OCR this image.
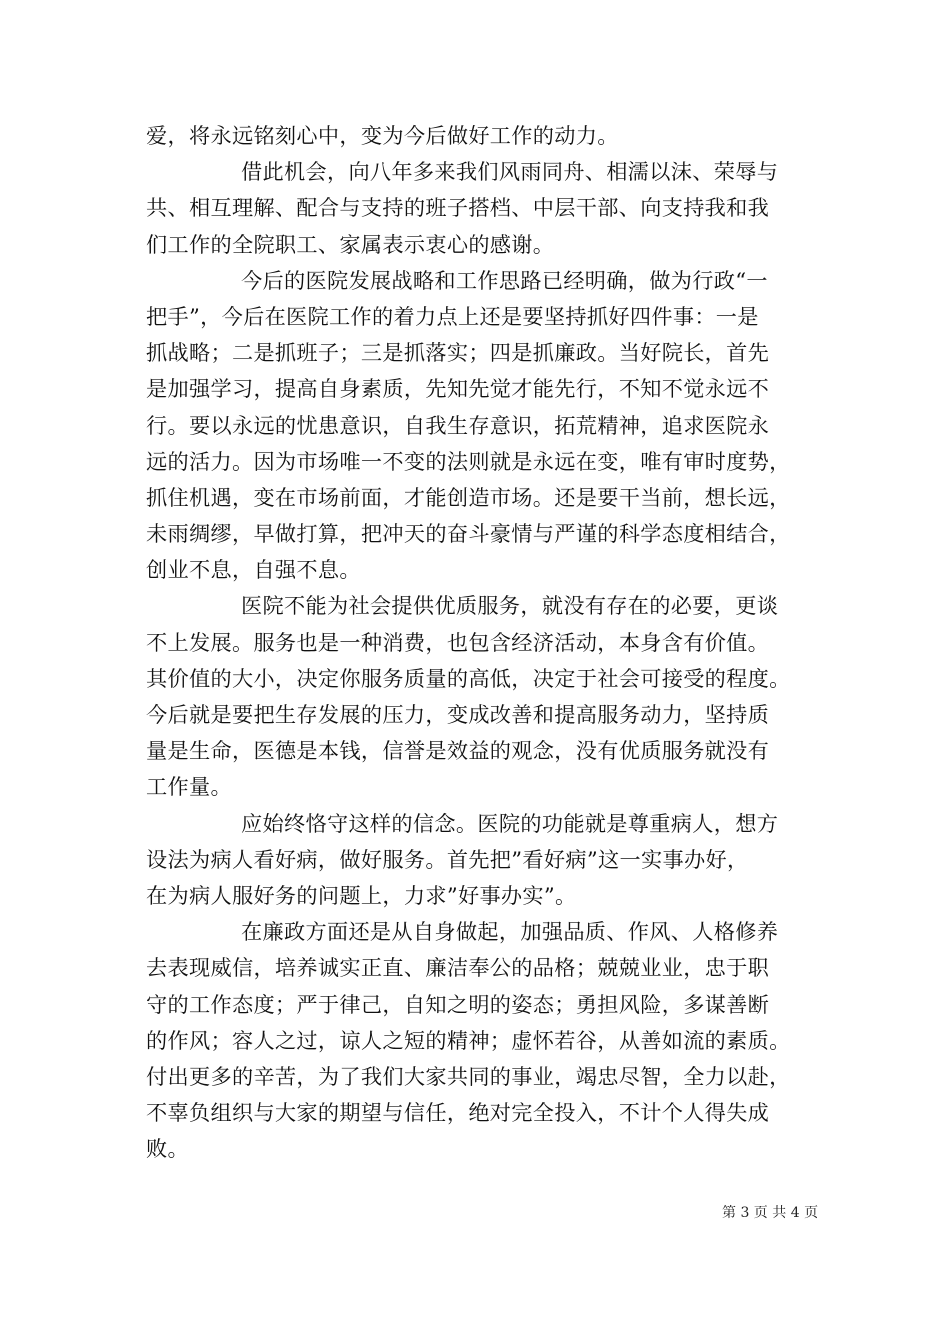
爱，将永远铭刻心中，变为今后做好工作的动力。
借此机会，向八年多来我们风雨同舟、相濡以沫、荣辱与
共、相互理解、配合与支持的班子搭档、中层干部、向支持我和我
们工作的全院职工、家属表示衷心的感谢。
今后的医院发展战略和工作思路已经明确，做为行政“一
把手”，今后在医院工作的着力点上还是要坚持抓好四件事：一是
抓战略；二是抓班子；三是抓落实；四是抓廉政。当好院长，首先
是加强学习，提高自身素质，先知先觉才能先行，不知不觉永远不
行。要以永远的忧患意识，自我生存意识，拓荒精神，追求医院永
远的活力。因为市场唯一不变的法则就是永远在变，唯有审时度势，
抓住机遇，变在市场前面，才能创造市场。还是要干当前，想长远，
未雨绸缪，早做打算，把冲天的奋斗豪情与严谨的科学态度相结合，
创业不息，自强不息。
医院不能为社会提供优质服务，就没有存在的必要，更谈
不上发展。服务也是一种消费，也包含经济活动，本身含有价值。
其价值的大小，决定你服务质量的高低，决定于社会可接受的程度。
今后就是要把生存发展的压力，变成改善和提高服务动力，坚持质
量是生命，医德是本钱，信誉是效益的观念，没有优质服务就没有
工作量。
应始终恪守这样的信念。医院的功能就是尊重病人，想方
设法为病人看好病，做好服务。首先把”看好病”这一实事办好，
在为病人服好务的问题上，力求”好事办实”。
在廉政方面还是从自身做起，加强品质、作风、人格修养
去表现威信，培养诚实正直、廉洁奉公的品格；兢兢业业，忠于职
守的工作态度；严于律己，自知之明的姿态；勇担风险，多谋善断
的作风；容人之过，谅人之短的精神；虚怀若谷，从善如流的素质。
付出更多的辛苦，为了我们大家共同的事业，竭忠尽智，全力以赴，
不辜负组织与大家的期望与信任，绝对完全投入，不计个人得失成
败。
第 3 页 共 4 页
